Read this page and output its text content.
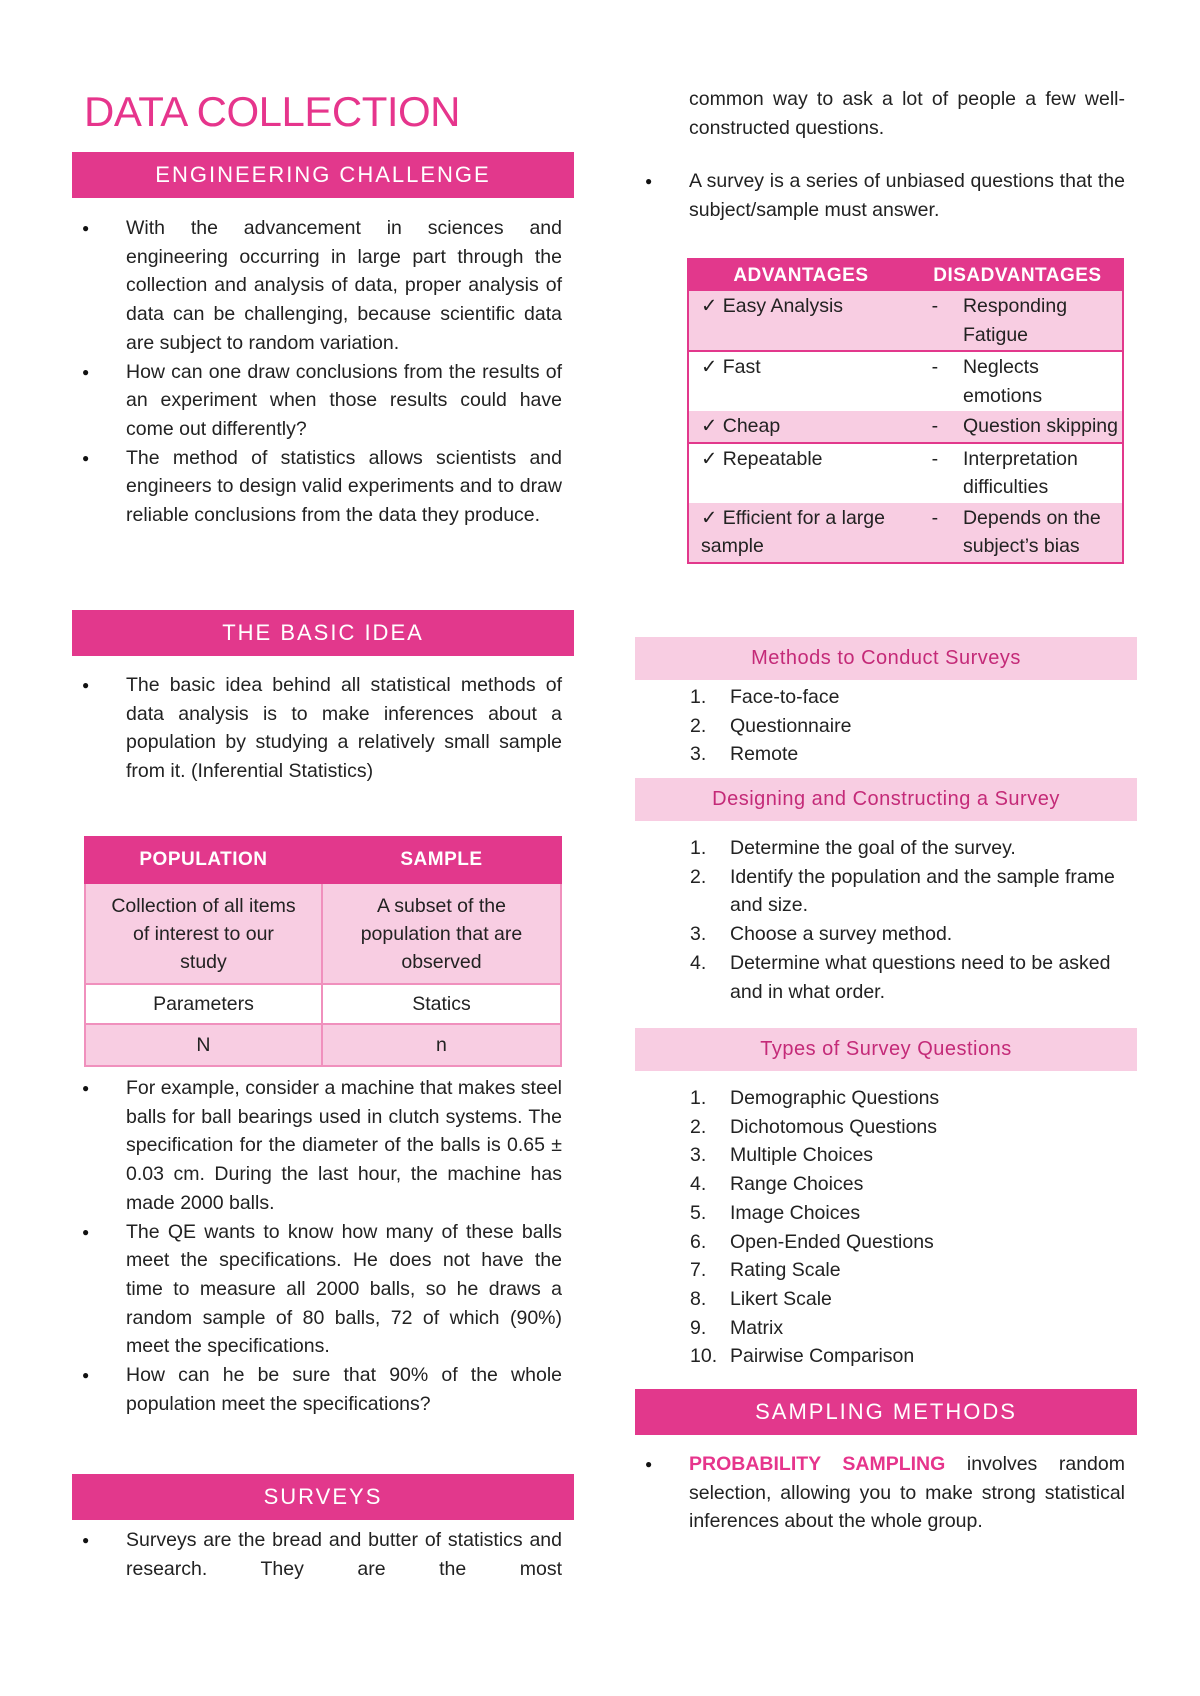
DATA COLLECTION
ENGINEERING CHALLENGE
● With the advancement in sciences and engineering occurring in large part through the collection and analysis of data, proper analysis of data can be challenging, because scientific data are subject to random variation.
● How can one draw conclusions from the results of an experiment when those results could have come out differently?
● The method of statistics allows scientists and engineers to design valid experiments and to draw reliable conclusions from the data they produce.
THE BASIC IDEA
● The basic idea behind all statistical methods of data analysis is to make inferences about a population by studying a relatively small sample from it. (Inferential Statistics)
POPULATION	SAMPLE
Collection of all items of interest to our study	A subset of the population that are observed
Parameters	Statics
N	n
● For example, consider a machine that makes steel balls for ball bearings used in clutch systems. The specification for the diameter of the balls is 0.65 ± 0.03 cm. During the last hour, the machine has made 2000 balls.
● The QE wants to know how many of these balls meet the specifications. He does not have the time to measure all 2000 balls, so he draws a random sample of 80 balls, 72 of which (90%) meet the specifications.
● How can he be sure that 90% of the whole population meet the specifications?
SURVEYS
● Surveys are the bread and butter of statistics and research. They are the most
common way to ask a lot of people a few well-constructed questions.
● A survey is a series of unbiased questions that the subject/sample must answer.
ADVANTAGES	DISADVANTAGES	
✓ Easy Analysis	-	Responding Fatigue
✓ Fast	-	Neglects emotions
✓ Cheap	-	Question skipping
✓ Repeatable	-	Interpretation difficulties
✓ Efficient for a large sample	-	Depends on the subject’s bias
Methods to Conduct Surveys
1. Face-to-face
2. Questionnaire
3. Remote
Designing and Constructing a Survey
1. Determine the goal of the survey.
2. Identify the population and the sample frame and size.
3. Choose a survey method.
4. Determine what questions need to be asked and in what order.
Types of Survey Questions
1. Demographic Questions
2. Dichotomous Questions
3. Multiple Choices
4. Range Choices
5. Image Choices
6. Open-Ended Questions
7. Rating Scale
8. Likert Scale
9. Matrix
10. Pairwise Comparison
SAMPLING METHODS
● PROBABILITY SAMPLING involves random selection, allowing you to make strong statistical inferences about the whole group.
